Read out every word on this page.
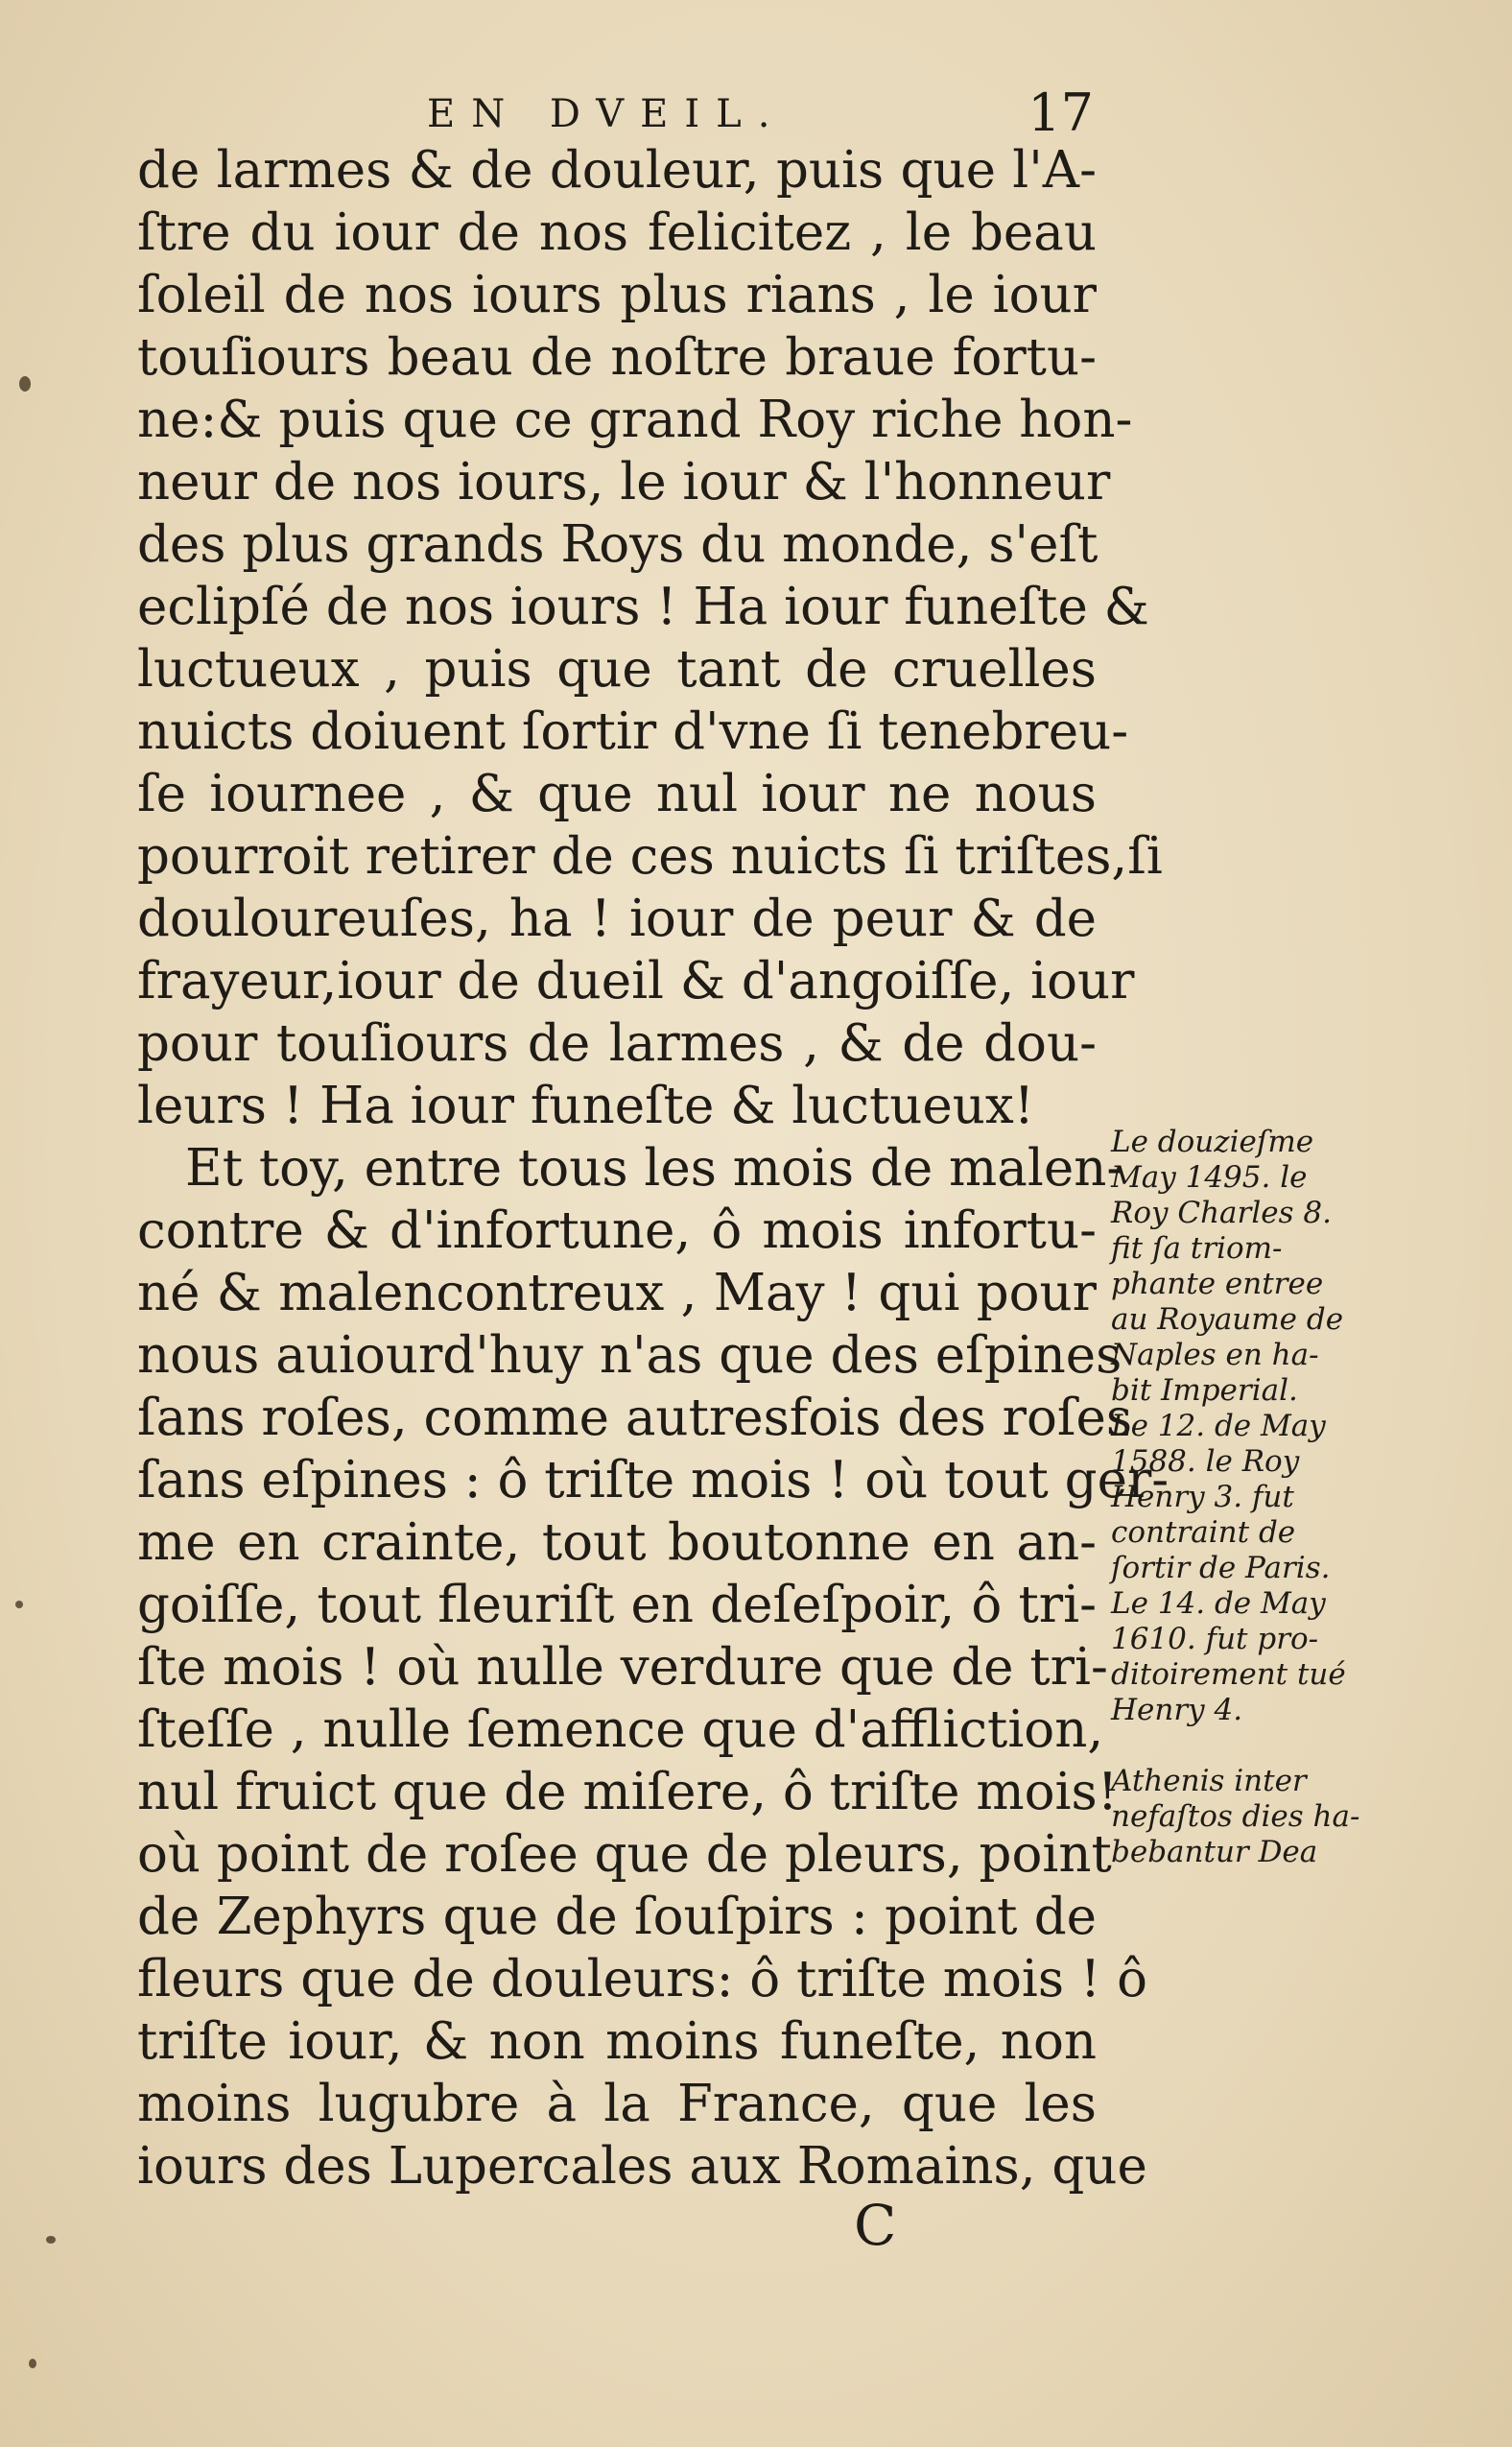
EN DVEIL.	17
de larmes & de douleur, puis que l'A-
ſtre du iour de nos felicitez , le beau
ſoleil de nos iours plus rians , le iour
touſiours beau de noſtre braue fortu-
ne:& puis que ce grand Roy riche hon-
neur de nos iours, le iour & l'honneur
des plus grands Roys du monde, s'eſt
eclipſé de nos iours ! Ha iour funeſte &
luctueux , puis que tant de cruelles
nuicts doiuent ſortir d'vne ſi tenebreu-
ſe iournee , & que nul iour ne nous
pourroit retirer de ces nuicts ſi triſtes,ſi
douloureuſes, ha ! iour de peur & de
frayeur,iour de dueil & d'angoiſſe, iour
pour touſiours de larmes , & de dou-
leurs ! Ha iour funeſte & luctueux!
Et toy, entre tous les mois de malen-
contre & d'infortune, ô mois infortu-
né & malencontreux , May ! qui pour
nous auiourd'huy n'as que des eſpines
ſans roſes, comme autresfois des roſes
ſans eſpines : ô triſte mois ! où tout ger-
me en crainte, tout boutonne en an-
goiſſe, tout fleuriſt en deſeſpoir, ô tri-
ſte mois ! où nulle verdure que de tri-
ſteſſe , nulle ſemence que d'affliction,
nul fruict que de miſere, ô triſte mois!
où point de roſee que de pleurs, point
de Zephyrs que de ſouſpirs : point de
fleurs que de douleurs: ô triſte mois ! ô
triſte iour, & non moins funeſte, non
moins lugubre à la France, que les
iours des Lupercales aux Romains, que
Le douzieſme
May 1495. le
Roy Charles 8.
fit ſa triom-
phante entree
au Royaume de
Naples en ha-
bit Imperial.
Le 12. de May
1588. le Roy
Henry 3. fut
contraint de
ſortir de Paris.
Le 14. de May
1610. fut pro-
ditoirement tué
Henry 4.
Athenis inter
nefaſtos dies ha-
bebantur Dea
C
